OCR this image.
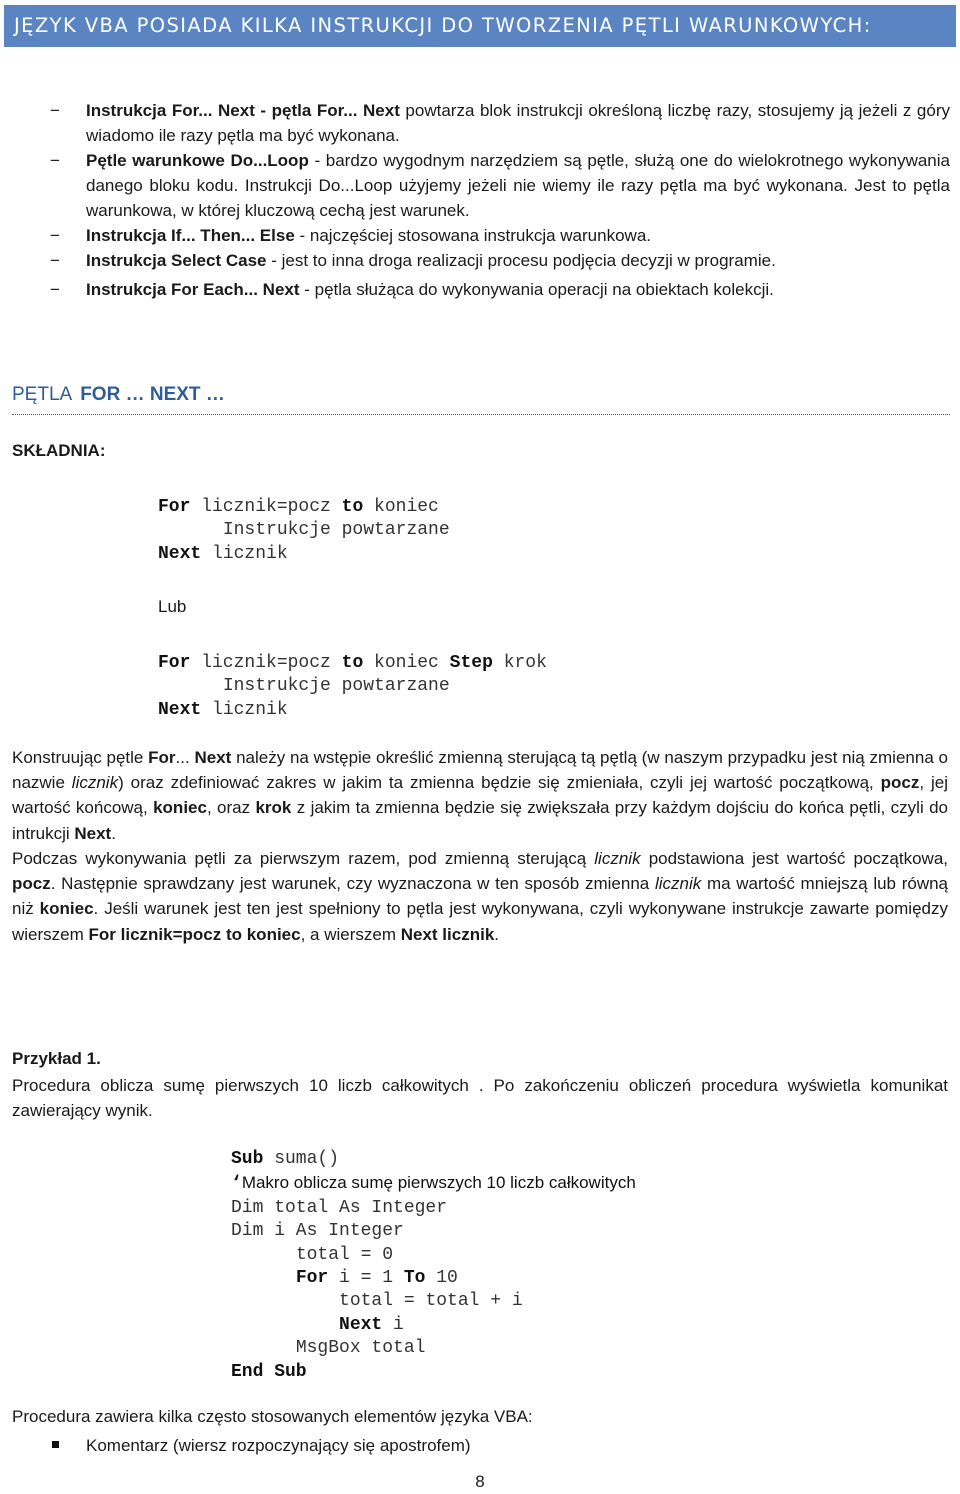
JĘZYK VBA POSIADA KILKA INSTRUKCJI DO TWORZENIA PĘTLI WARUNKOWYCH:
− Instrukcja For... Next - pętla For... Next powtarza blok instrukcji określoną liczbę razy, stosujemy ją jeżeli z góry wiadomo ile razy pętla ma być wykonana.
− Pętle warunkowe Do...Loop - bardzo wygodnym narzędziem są pętle, służą one do wielokrotnego wykonywania danego bloku kodu. Instrukcji Do...Loop użyjemy jeżeli nie wiemy ile razy pętla ma być wykonana. Jest to pętla warunkowa, w której kluczową cechą jest warunek.
− Instrukcja If... Then... Else - najczęściej stosowana instrukcja warunkowa.
− Instrukcja Select Case - jest to inna droga realizacji procesu podjęcia decyzji w programie.
− Instrukcja For Each... Next - pętla służąca do wykonywania operacji na obiektach kolekcji.
PĘTLA FOR … NEXT …
SKŁADNIA:
For licznik=pocz to koniec
Instrukcje powtarzane
Next licznik
Lub
For licznik=pocz to koniec Step krok
Instrukcje powtarzane
Next licznik

Konstruując pętle For... Next należy na wstępie określić zmienną sterującą tą pętlą (w naszym przypadku jest nią zmienna o nazwie licznik) oraz zdefiniować zakres w jakim ta zmienna będzie się zmieniała, czyli jej wartość początkową, pocz, jej wartość końcową, koniec, oraz krok z jakim ta zmienna będzie się zwiększała przy każdym dojściu do końca pętli, czyli do intrukcji Next.

Podczas wykonywania pętli za pierwszym razem, pod zmienną sterującą licznik podstawiona jest wartość początkowa, pocz. Następnie sprawdzany jest warunek, czy wyznaczona w ten sposób zmienna licznik ma wartość mniejszą lub równą niż koniec. Jeśli warunek jest ten jest spełniony to pętla jest wykonywana, czyli wykonywane instrukcje zawarte pomiędzy wierszem For licznik=pocz to koniec, a wierszem Next licznik.

Przykład 1.

Procedura oblicza sumę pierwszych 10 liczb całkowitych . Po zakończeniu obliczeń procedura wyświetla komunikat zawierający wynik.

Sub suma()
‘Makro oblicza sumę pierwszych 10 liczb całkowitych
Dim total As Integer
Dim i As Integer
total = 0
For i = 1 To 10
total = total + i
Next i
MsgBox total
End Sub
Procedura zawiera kilka często stosowanych elementów języka VBA:
Komentarz (wiersz rozpoczynający się apostrofem)
8
